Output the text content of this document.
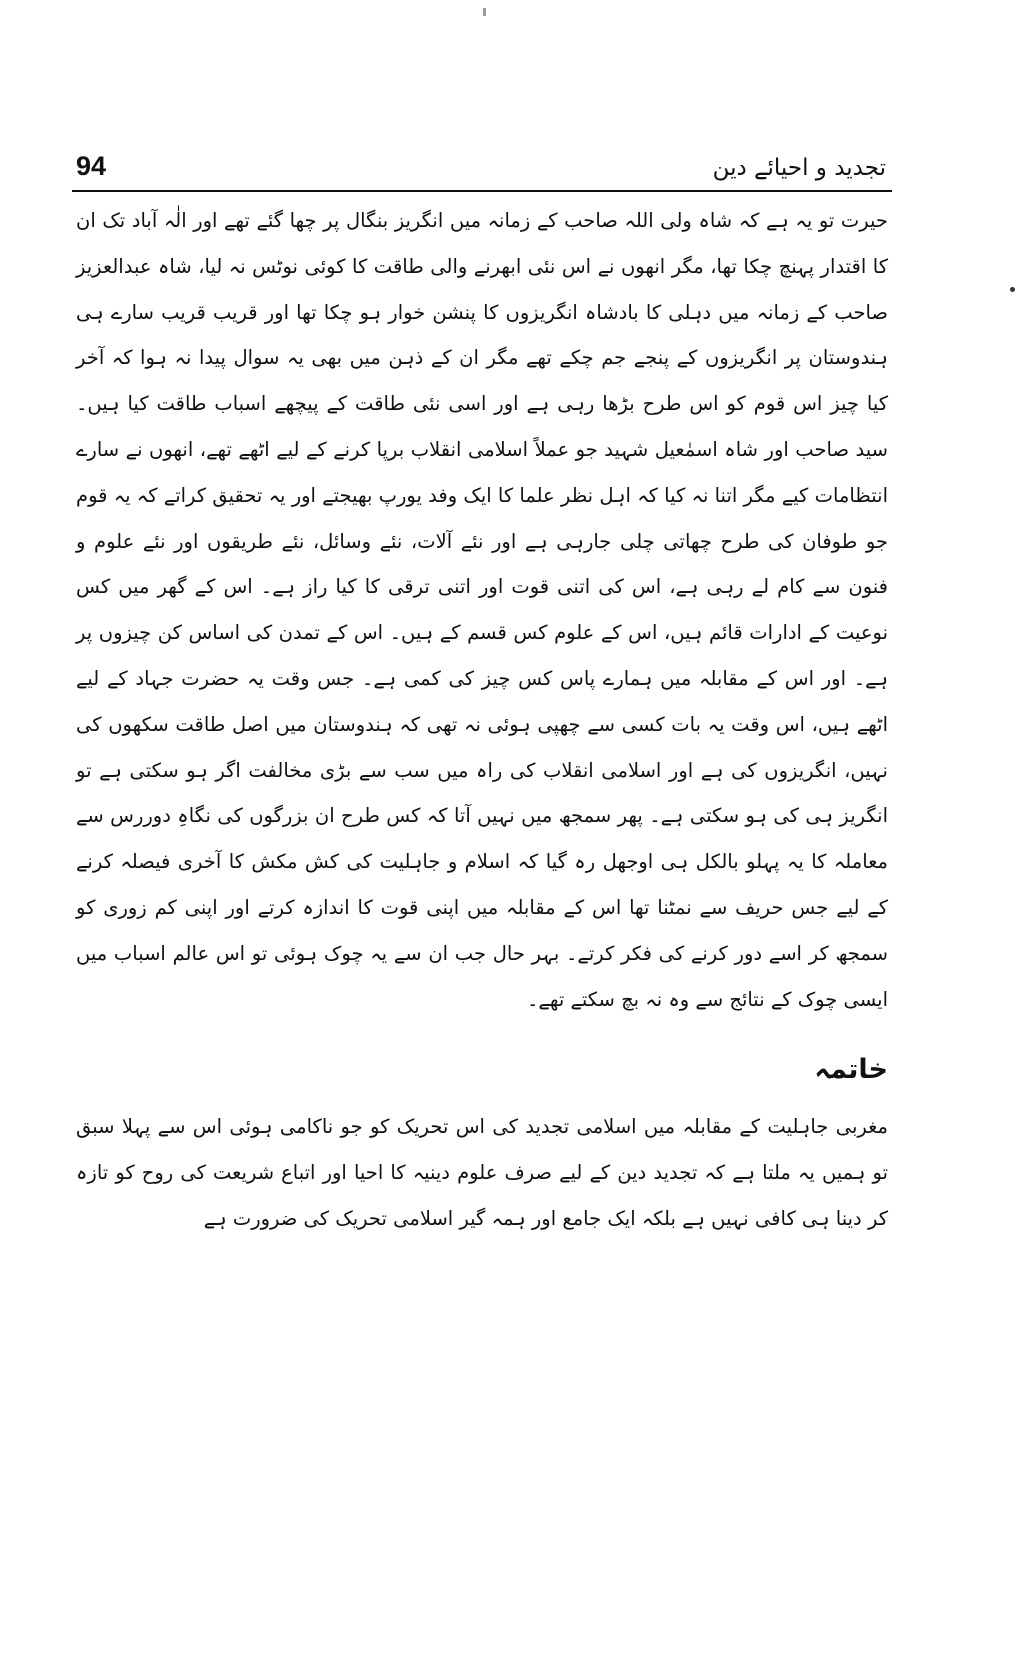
94	تجدید و احیائے دین

حیرت تو یہ ہے کہ شاہ ولی اللہ صاحب کے زمانہ میں انگریز بنگال پر چھا گئے تھے اور الٰہ آباد تک ان کا اقتدار پہنچ چکا تھا، مگر انھوں نے اس نئی ابھرنے والی طاقت کا کوئی نوٹس نہ لیا، شاہ عبدالعزیز صاحب کے زمانہ میں دہلی کا بادشاہ انگریزوں کا پنشن خوار ہو چکا تھا اور قریب قریب سارے ہی ہندوستان پر انگریزوں کے پنجے جم چکے تھے مگر ان کے ذہن میں بھی یہ سوال پیدا نہ ہوا کہ آخر کیا چیز اس قوم کو اس طرح بڑھا رہی ہے اور اسی نئی طاقت کے پیچھے اسباب طاقت کیا ہیں۔ سید صاحب اور شاہ اسمٰعیل شہید جو عملاً اسلامی انقلاب برپا کرنے کے لیے اٹھے تھے، انھوں نے سارے انتظامات کیے مگر اتنا نہ کیا کہ اہل نظر علما کا ایک وفد یورپ بھیجتے اور یہ تحقیق کراتے کہ یہ قوم جو طوفان کی طرح چھاتی چلی جارہی ہے اور نئے آلات، نئے وسائل، نئے طریقوں اور نئے علوم و فنون سے کام لے رہی ہے، اس کی اتنی قوت اور اتنی ترقی کا کیا راز ہے۔ اس کے گھر میں کس نوعیت کے ادارات قائم ہیں، اس کے علوم کس قسم کے ہیں۔ اس کے تمدن کی اساس کن چیزوں پر ہے۔ اور اس کے مقابلہ میں ہمارے پاس کس چیز کی کمی ہے۔ جس وقت یہ حضرت جہاد کے لیے اٹھے ہیں، اس وقت یہ بات کسی سے چھپی ہوئی نہ تھی کہ ہندوستان میں اصل طاقت سکھوں کی نہیں، انگریزوں کی ہے اور اسلامی انقلاب کی راہ میں سب سے بڑی مخالفت اگر ہو سکتی ہے تو انگریز ہی کی ہو سکتی ہے۔ پھر سمجھ میں نہیں آتا کہ کس طرح ان بزرگوں کی نگاہِ دوررس سے معاملہ کا یہ پہلو بالکل ہی اوجھل رہ گیا کہ اسلام و جاہلیت کی کش مکش کا آخری فیصلہ کرنے کے لیے جس حریف سے نمٹنا تھا اس کے مقابلہ میں اپنی قوت کا اندازہ کرتے اور اپنی کم زوری کو سمجھ کر اسے دور کرنے کی فکر کرتے۔ بہر حال جب ان سے یہ چوک ہوئی تو اس عالم اسباب میں ایسی چوک کے نتائج سے وہ نہ بچ سکتے تھے۔

خاتمہ

مغربی جاہلیت کے مقابلہ میں اسلامی تجدید کی اس تحریک کو جو ناکامی ہوئی اس سے پہلا سبق تو ہمیں یہ ملتا ہے کہ تجدید دین کے لیے صرف علوم دینیہ کا احیا اور اتباع شریعت کی روح کو تازہ کر دینا ہی کافی نہیں ہے بلکہ ایک جامع اور ہمہ گیر اسلامی تحریک کی ضرورت ہے
